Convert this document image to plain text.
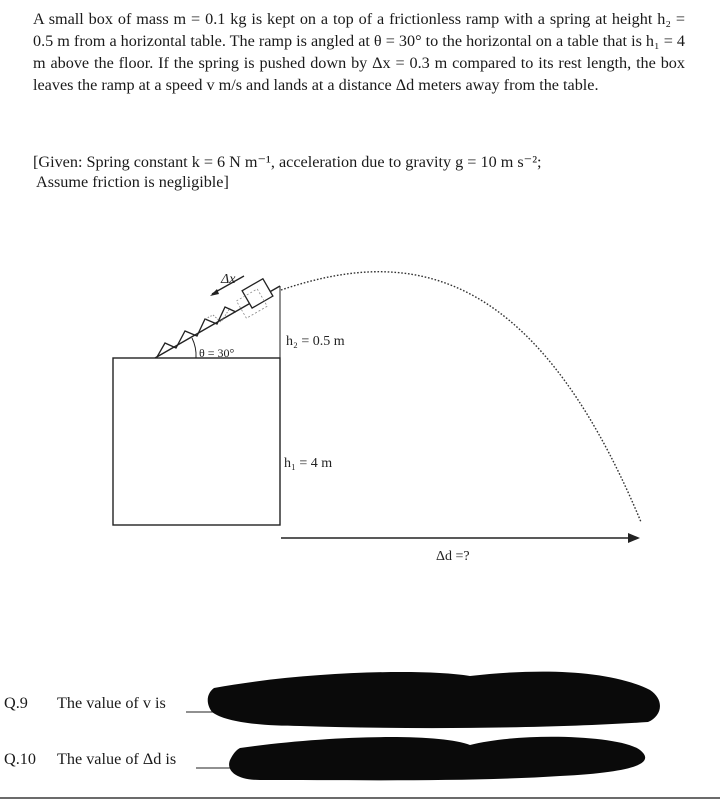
A small box of mass m = 0.1 kg is kept on a top of a frictionless ramp with a spring at height h₂ = 0.5 m from a horizontal table. The ramp is angled at θ = 30° to the horizontal on a table that is h₁ = 4 m above the floor. If the spring is pushed down by Δx = 0.3 m compared to its rest length, the box leaves the ramp at a speed v m/s and lands at a distance Δd meters away from the table.
[Given: Spring constant k = 6 N m⁻¹, acceleration due to gravity g = 10 m s⁻²;
Assume friction is negligible]
Δx
θ = 30°
h₂ = 0.5 m
h₁ = 4 m
Δd =?
Q.9 The value of v is
Q.10 The value of Δd is
